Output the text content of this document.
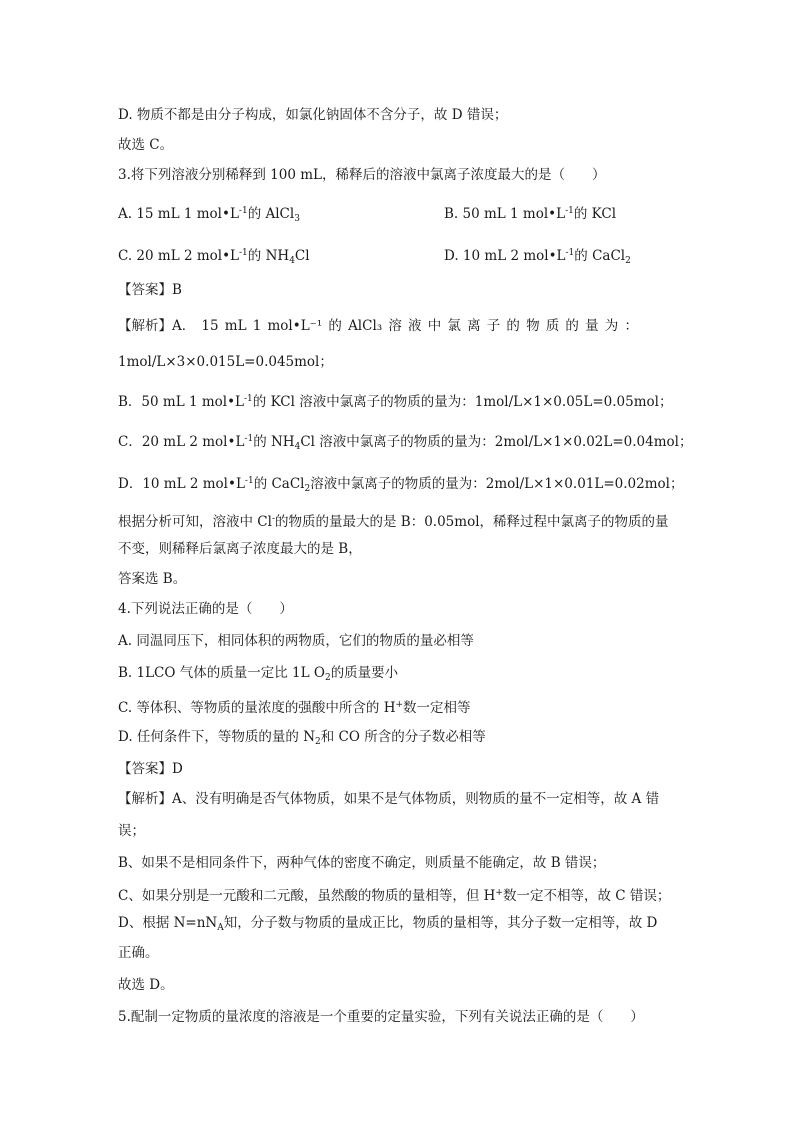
D. 物质不都是由分子构成，如氯化钠固体不含分子，故 D 错误；
故选 C。
3.将下列溶液分别稀释到 100 mL，稀释后的溶液中氯离子浓度最大的是（　　）
A. 15 mL 1 $mol•L^{-1}$的 AlCl$_3$	B. 50 mL 1 $mol•L^{-1}$的 KCl
C. 20 mL 2 $mol•L^{-1}$的 $NH_4Cl$	D. 10 mL 2 $mol•L^{-1}$的 CaCl$_2$
【答案】B
【解析】A． 15 mL 1 mol•L⁻¹ 的 AlCl₃ 溶 液 中 氯 离 子 的 物 质 的 量 为 ：
1mol/L×3×0.015L=0.045mol；
B．50 mL 1 $mol•L^{-1}$的 KCl 溶液中氯离子的物质的量为：1mol/L×1×0.05L=0.05mol；
C．20 mL 2 $mol•L^{-1}$的 $NH_4Cl$ 溶液中氯离子的物质的量为：2mol/L×1×0.02L=0.04mol；
D．10 mL 2 $mol•L^{-1}$的 CaCl$_2$溶液中氯离子的物质的量为：2mol/L×1×0.01L=0.02mol；
根据分析可知，溶液中 Cl-的物质的量最大的是 B：0.05mol，稀释过程中氯离子的物质的量
不变，则稀释后氯离子浓度最大的是 B，
答案选 B。
4.下列说法正确的是（　　）
A. 同温同压下，相同体积的两物质，它们的物质的量必相等
B. 1LCO 气体的质量一定比 1L $O_2$的质量要小
C. 等体积、等物质的量浓度的强酸中所含的 H+数一定相等
D. 任何条件下，等物质的量的 $N_2$和 CO 所含的分子数必相等
【答案】D
【解析】A、没有明确是否气体物质，如果不是气体物质，则物质的量不一定相等，故 A 错
误；
B、如果不是相同条件下，两种气体的密度不确定，则质量不能确定，故 B 错误；
C、如果分别是一元酸和二元酸，虽然酸的物质的量相等，但 H+数一定不相等，故 C 错误；
D、根据 $N=nN_A$知，分子数与物质的量成正比，物质的量相等，其分子数一定相等，故 D
正确。
故选 D。
5.配制一定物质的量浓度的溶液是一个重要的定量实验，下列有关说法正确的是（　　）
